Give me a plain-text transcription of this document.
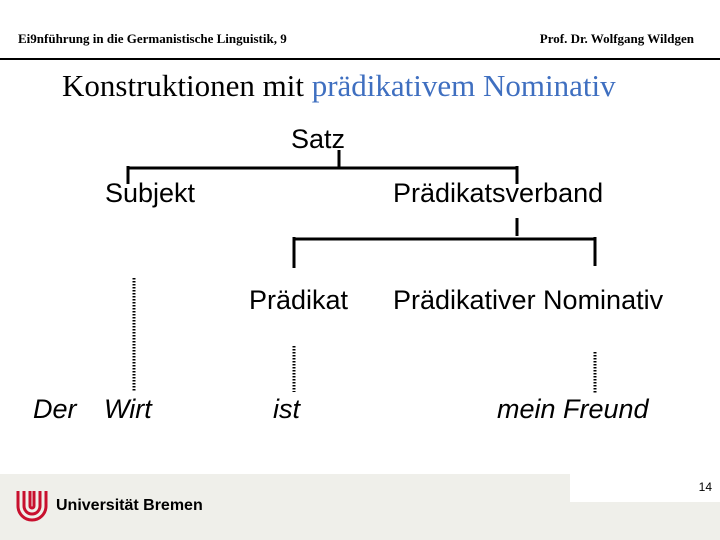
Ei9nführung in die Germanistische Linguistik, 9	Prof. Dr. Wolfgang Wildgen
Konstruktionen mit prädikativem Nominativ
Satz
Subjekt	Prädikatsverband
Prädikat Prädikativer Nominativ
Der Wirt	ist	mein Freund
14
Universität Bremen
